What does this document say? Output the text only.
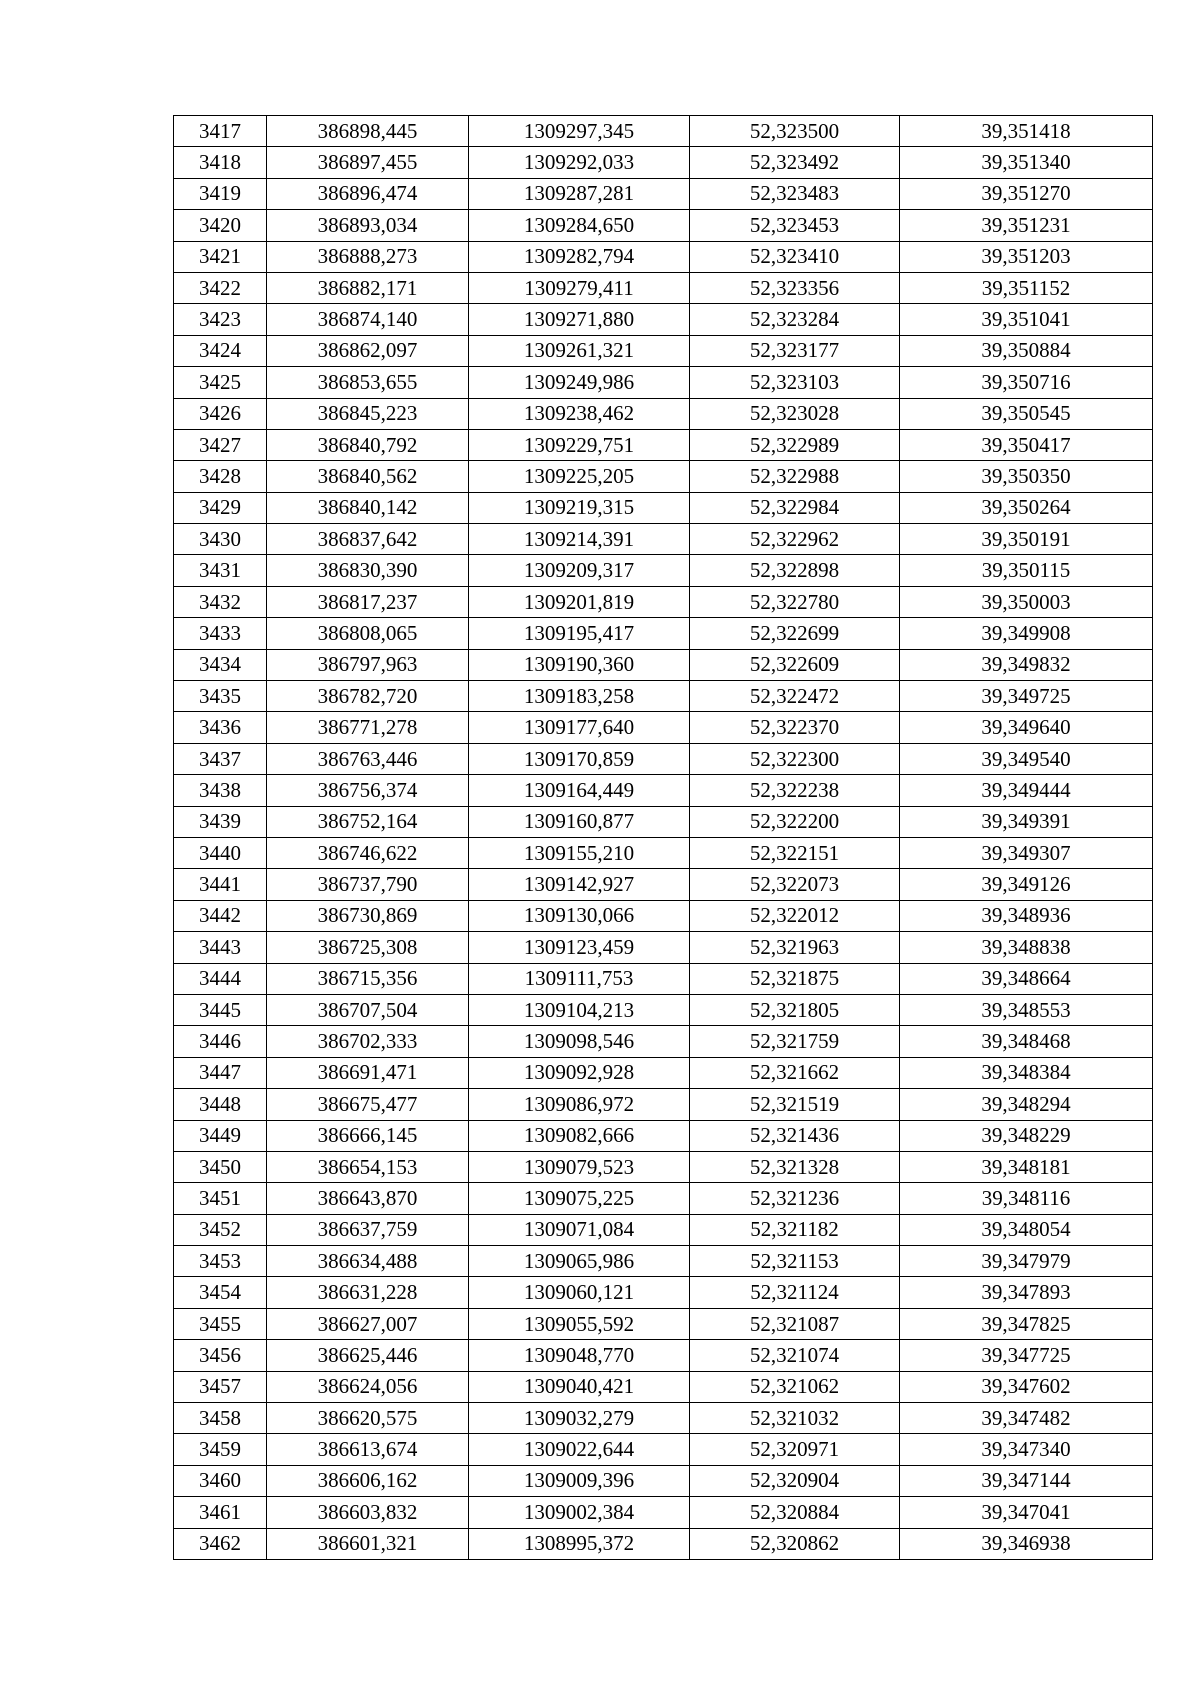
3417	386898,445	1309297,345	52,323500	39,351418
3418	386897,455	1309292,033	52,323492	39,351340
3419	386896,474	1309287,281	52,323483	39,351270
3420	386893,034	1309284,650	52,323453	39,351231
3421	386888,273	1309282,794	52,323410	39,351203
3422	386882,171	1309279,411	52,323356	39,351152
3423	386874,140	1309271,880	52,323284	39,351041
3424	386862,097	1309261,321	52,323177	39,350884
3425	386853,655	1309249,986	52,323103	39,350716
3426	386845,223	1309238,462	52,323028	39,350545
3427	386840,792	1309229,751	52,322989	39,350417
3428	386840,562	1309225,205	52,322988	39,350350
3429	386840,142	1309219,315	52,322984	39,350264
3430	386837,642	1309214,391	52,322962	39,350191
3431	386830,390	1309209,317	52,322898	39,350115
3432	386817,237	1309201,819	52,322780	39,350003
3433	386808,065	1309195,417	52,322699	39,349908
3434	386797,963	1309190,360	52,322609	39,349832
3435	386782,720	1309183,258	52,322472	39,349725
3436	386771,278	1309177,640	52,322370	39,349640
3437	386763,446	1309170,859	52,322300	39,349540
3438	386756,374	1309164,449	52,322238	39,349444
3439	386752,164	1309160,877	52,322200	39,349391
3440	386746,622	1309155,210	52,322151	39,349307
3441	386737,790	1309142,927	52,322073	39,349126
3442	386730,869	1309130,066	52,322012	39,348936
3443	386725,308	1309123,459	52,321963	39,348838
3444	386715,356	1309111,753	52,321875	39,348664
3445	386707,504	1309104,213	52,321805	39,348553
3446	386702,333	1309098,546	52,321759	39,348468
3447	386691,471	1309092,928	52,321662	39,348384
3448	386675,477	1309086,972	52,321519	39,348294
3449	386666,145	1309082,666	52,321436	39,348229
3450	386654,153	1309079,523	52,321328	39,348181
3451	386643,870	1309075,225	52,321236	39,348116
3452	386637,759	1309071,084	52,321182	39,348054
3453	386634,488	1309065,986	52,321153	39,347979
3454	386631,228	1309060,121	52,321124	39,347893
3455	386627,007	1309055,592	52,321087	39,347825
3456	386625,446	1309048,770	52,321074	39,347725
3457	386624,056	1309040,421	52,321062	39,347602
3458	386620,575	1309032,279	52,321032	39,347482
3459	386613,674	1309022,644	52,320971	39,347340
3460	386606,162	1309009,396	52,320904	39,347144
3461	386603,832	1309002,384	52,320884	39,347041
3462	386601,321	1308995,372	52,320862	39,346938
